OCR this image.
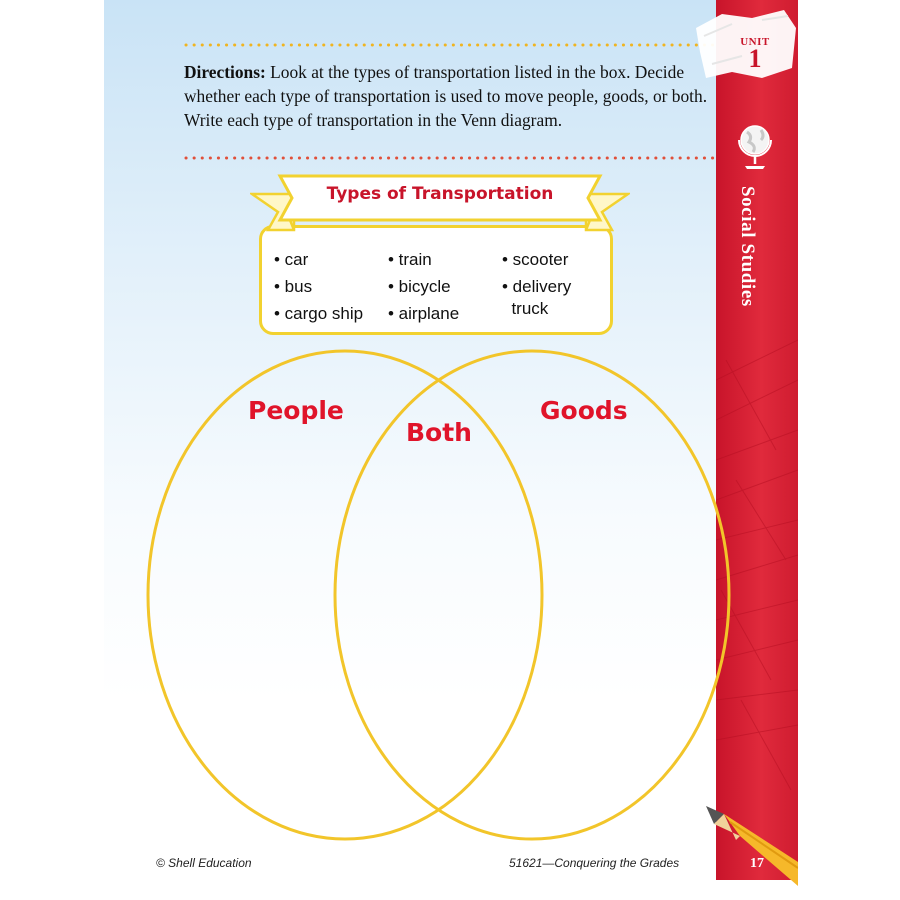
Directions: Look at the types of transportation listed in the box. Decide whether each type of transportation is used to move people, goods, or both. Write each type of transportation in the Venn diagram.
UNIT
1
Social Studies
Types of Transportation
• car
• bus
• cargo ship
• train
• bicycle
• airplane
• scooter
• delivery
truck
People
Both
Goods
© Shell Education	51621—Conquering the Grades	17
